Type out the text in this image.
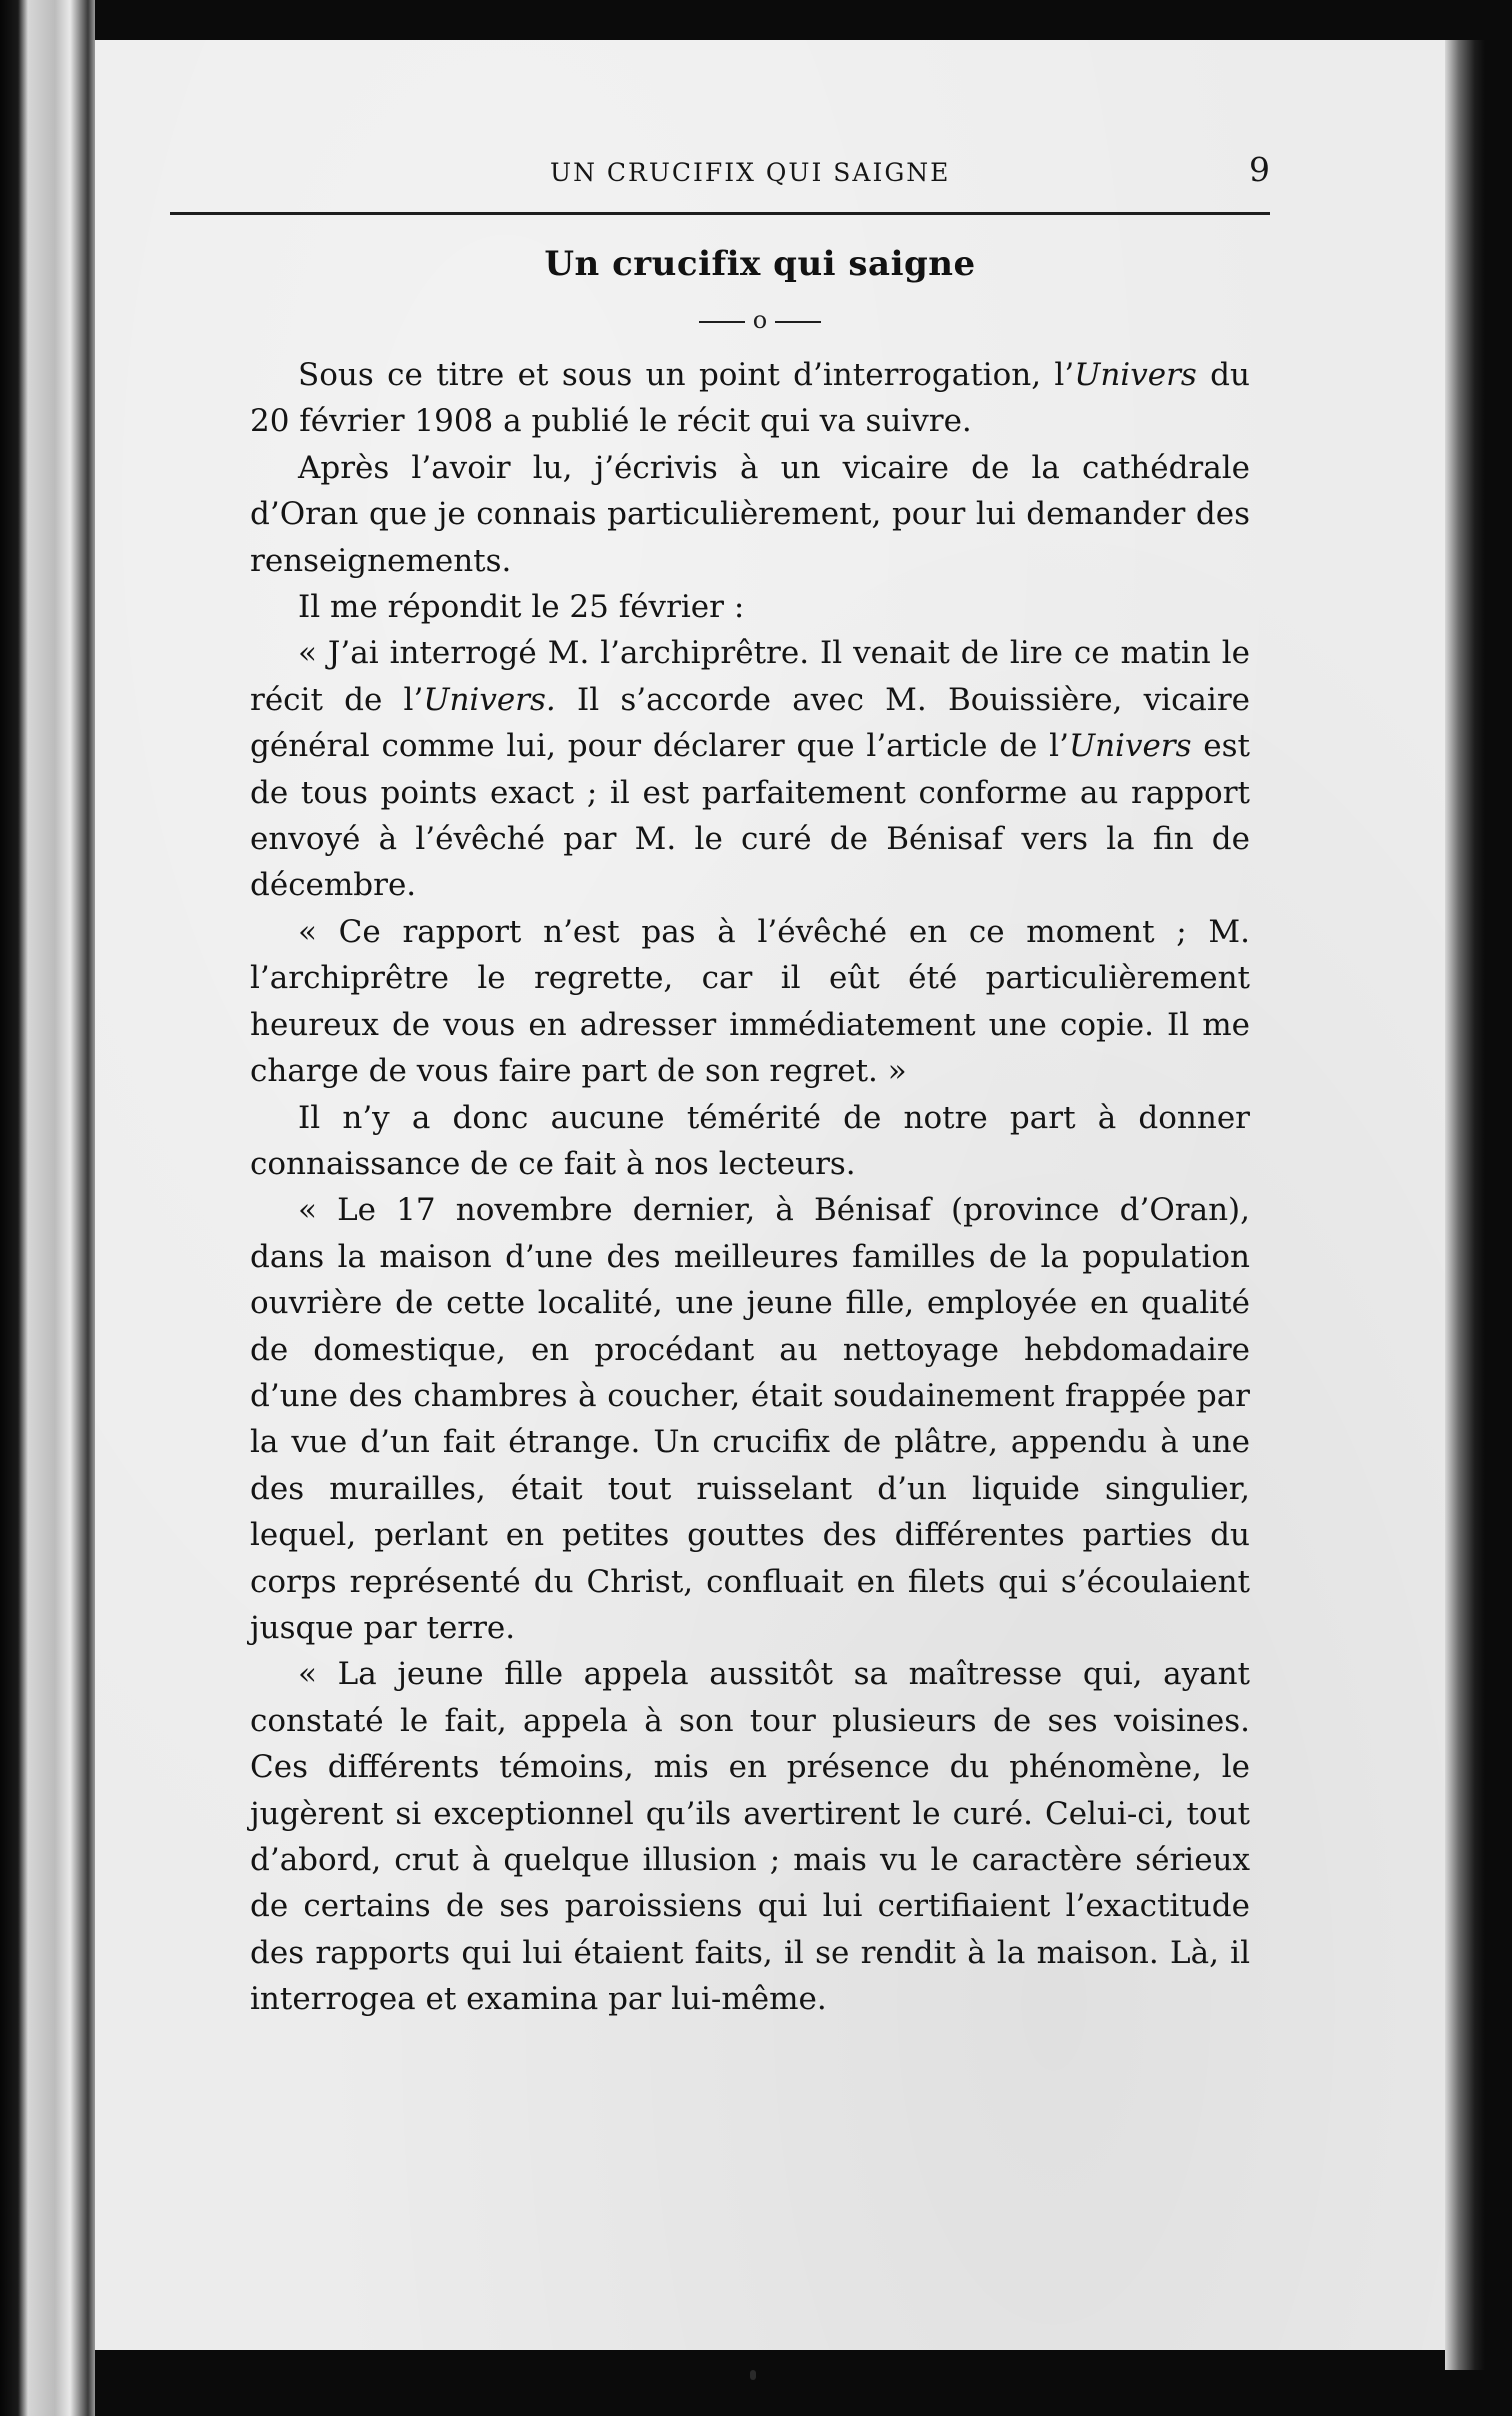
UN CRUCIFIX QUI SAIGNE	9
Un crucifix qui saigne
o

Sous ce titre et sous un point d’interrogation, l’Univers du 20 février 1908 a publié le récit qui va suivre.

Après l’avoir lu, j’écrivis à un vicaire de la cathédrale d’Oran que je connais particulièrement, pour lui demander des renseignements.

Il me répondit le 25 février :

« J’ai interrogé M. l’archiprêtre. Il venait de lire ce matin le récit de l’Univers. Il s’accorde avec M. Bouissière, vicaire général comme lui, pour déclarer que l’article de l’Univers est de tous points exact ; il est parfaitement conforme au rapport envoyé à l’évêché par M. le curé de Bénisaf vers la fin de décembre.

« Ce rapport n’est pas à l’évêché en ce moment ; M. l’archiprêtre le regrette, car il eût été particulièrement heureux de vous en adresser immédiatement une copie. Il me charge de vous faire part de son regret. »

Il n’y a donc aucune témérité de notre part à donner connaissance de ce fait à nos lecteurs.

« Le 17 novembre dernier, à Bénisaf (province d’Oran), dans la maison d’une des meilleures familles de la population ouvrière de cette localité, une jeune fille, employée en qualité de domestique, en procédant au nettoyage hebdomadaire d’une des chambres à coucher, était soudainement frappée par la vue d’un fait étrange. Un crucifix de plâtre, appendu à une des murailles, était tout ruisselant d’un liquide singulier, lequel, perlant en petites gouttes des différentes parties du corps représenté du Christ, confluait en filets qui s’écoulaient jusque par terre.

« La jeune fille appela aussitôt sa maîtresse qui, ayant constaté le fait, appela à son tour plusieurs de ses voisines. Ces différents témoins, mis en présence du phénomène, le jugèrent si exceptionnel qu’ils avertirent le curé. Celui-ci, tout d’abord, crut à quelque illusion ; mais vu le caractère sérieux de certains de ses paroissiens qui lui certifiaient l’exactitude des rapports qui lui étaient faits, il se rendit à la maison. Là, il interrogea et examina par lui-même.
